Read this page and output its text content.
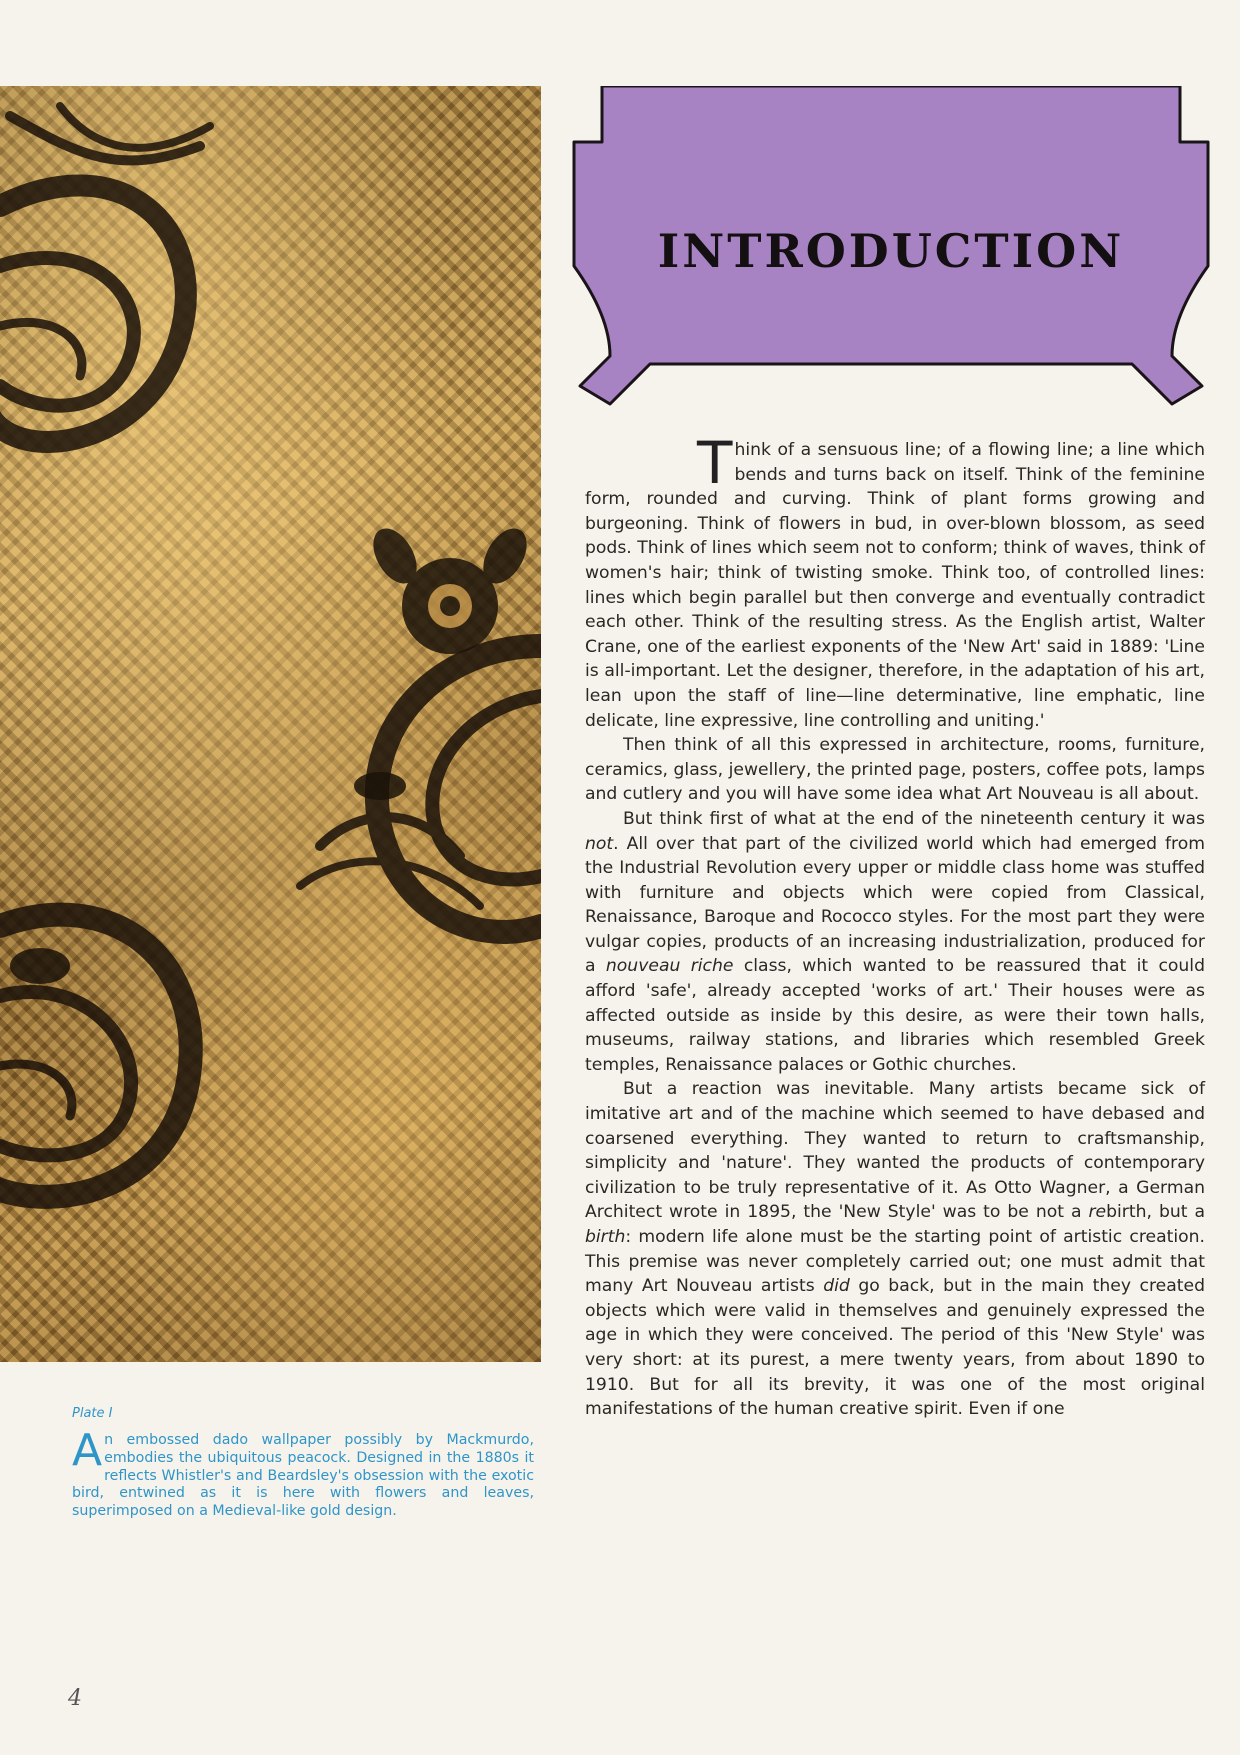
INTRODUCTION

Think of a sensuous line; of a flowing line; a line which bends and turns back on itself. Think of the feminine form, rounded and curving. Think of plant forms growing and burgeoning. Think of flowers in bud, in over-blown blossom, as seed pods. Think of lines which seem not to conform; think of waves, think of women's hair; think of twisting smoke. Think too, of controlled lines: lines which begin parallel but then converge and eventually contradict each other. Think of the resulting stress. As the English artist, Walter Crane, one of the earliest exponents of the 'New Art' said in 1889: 'Line is all-important. Let the designer, therefore, in the adaptation of his art, lean upon the staff of line—line determinative, line emphatic, line delicate, line expressive, line controlling and uniting.'

Then think of all this expressed in architecture, rooms, furniture, ceramics, glass, jewellery, the printed page, posters, coffee pots, lamps and cutlery and you will have some idea what Art Nouveau is all about.

But think first of what at the end of the nineteenth century it was not. All over that part of the civilized world which had emerged from the Industrial Revolution every upper or middle class home was stuffed with furniture and objects which were copied from Classical, Renaissance, Baroque and Rococco styles. For the most part they were vulgar copies, products of an increasing industrialization, produced for a nouveau riche class, which wanted to be reassured that it could afford 'safe', already accepted 'works of art.' Their houses were as affected outside as inside by this desire, as were their town halls, museums, railway stations, and libraries which resembled Greek temples, Renaissance palaces or Gothic churches.

But a reaction was inevitable. Many artists became sick of imitative art and of the machine which seemed to have debased and coarsened everything. They wanted to return to craftsmanship, simplicity and 'nature'. They wanted the products of contemporary civilization to be truly representative of it. As Otto Wagner, a German Architect wrote in 1895, the 'New Style' was to be not a rebirth, but a birth: modern life alone must be the starting point of artistic creation. This premise was never completely carried out; one must admit that many Art Nouveau artists did go back, but in the main they created objects which were valid in themselves and genuinely expressed the age in which they were conceived. The period of this 'New Style' was very short: at its purest, a mere twenty years, from about 1890 to 1910. But for all its brevity, it was one of the most original manifestations of the human creative spirit. Even if one

Plate I
An embossed dado wallpaper possibly by Mackmurdo, embodies the ubiquitous peacock. Designed in the 1880s it reflects Whistler's and Beardsley's obsession with the exotic bird, entwined as it is here with flowers and leaves, superimposed on a Medieval-like gold design.
4
